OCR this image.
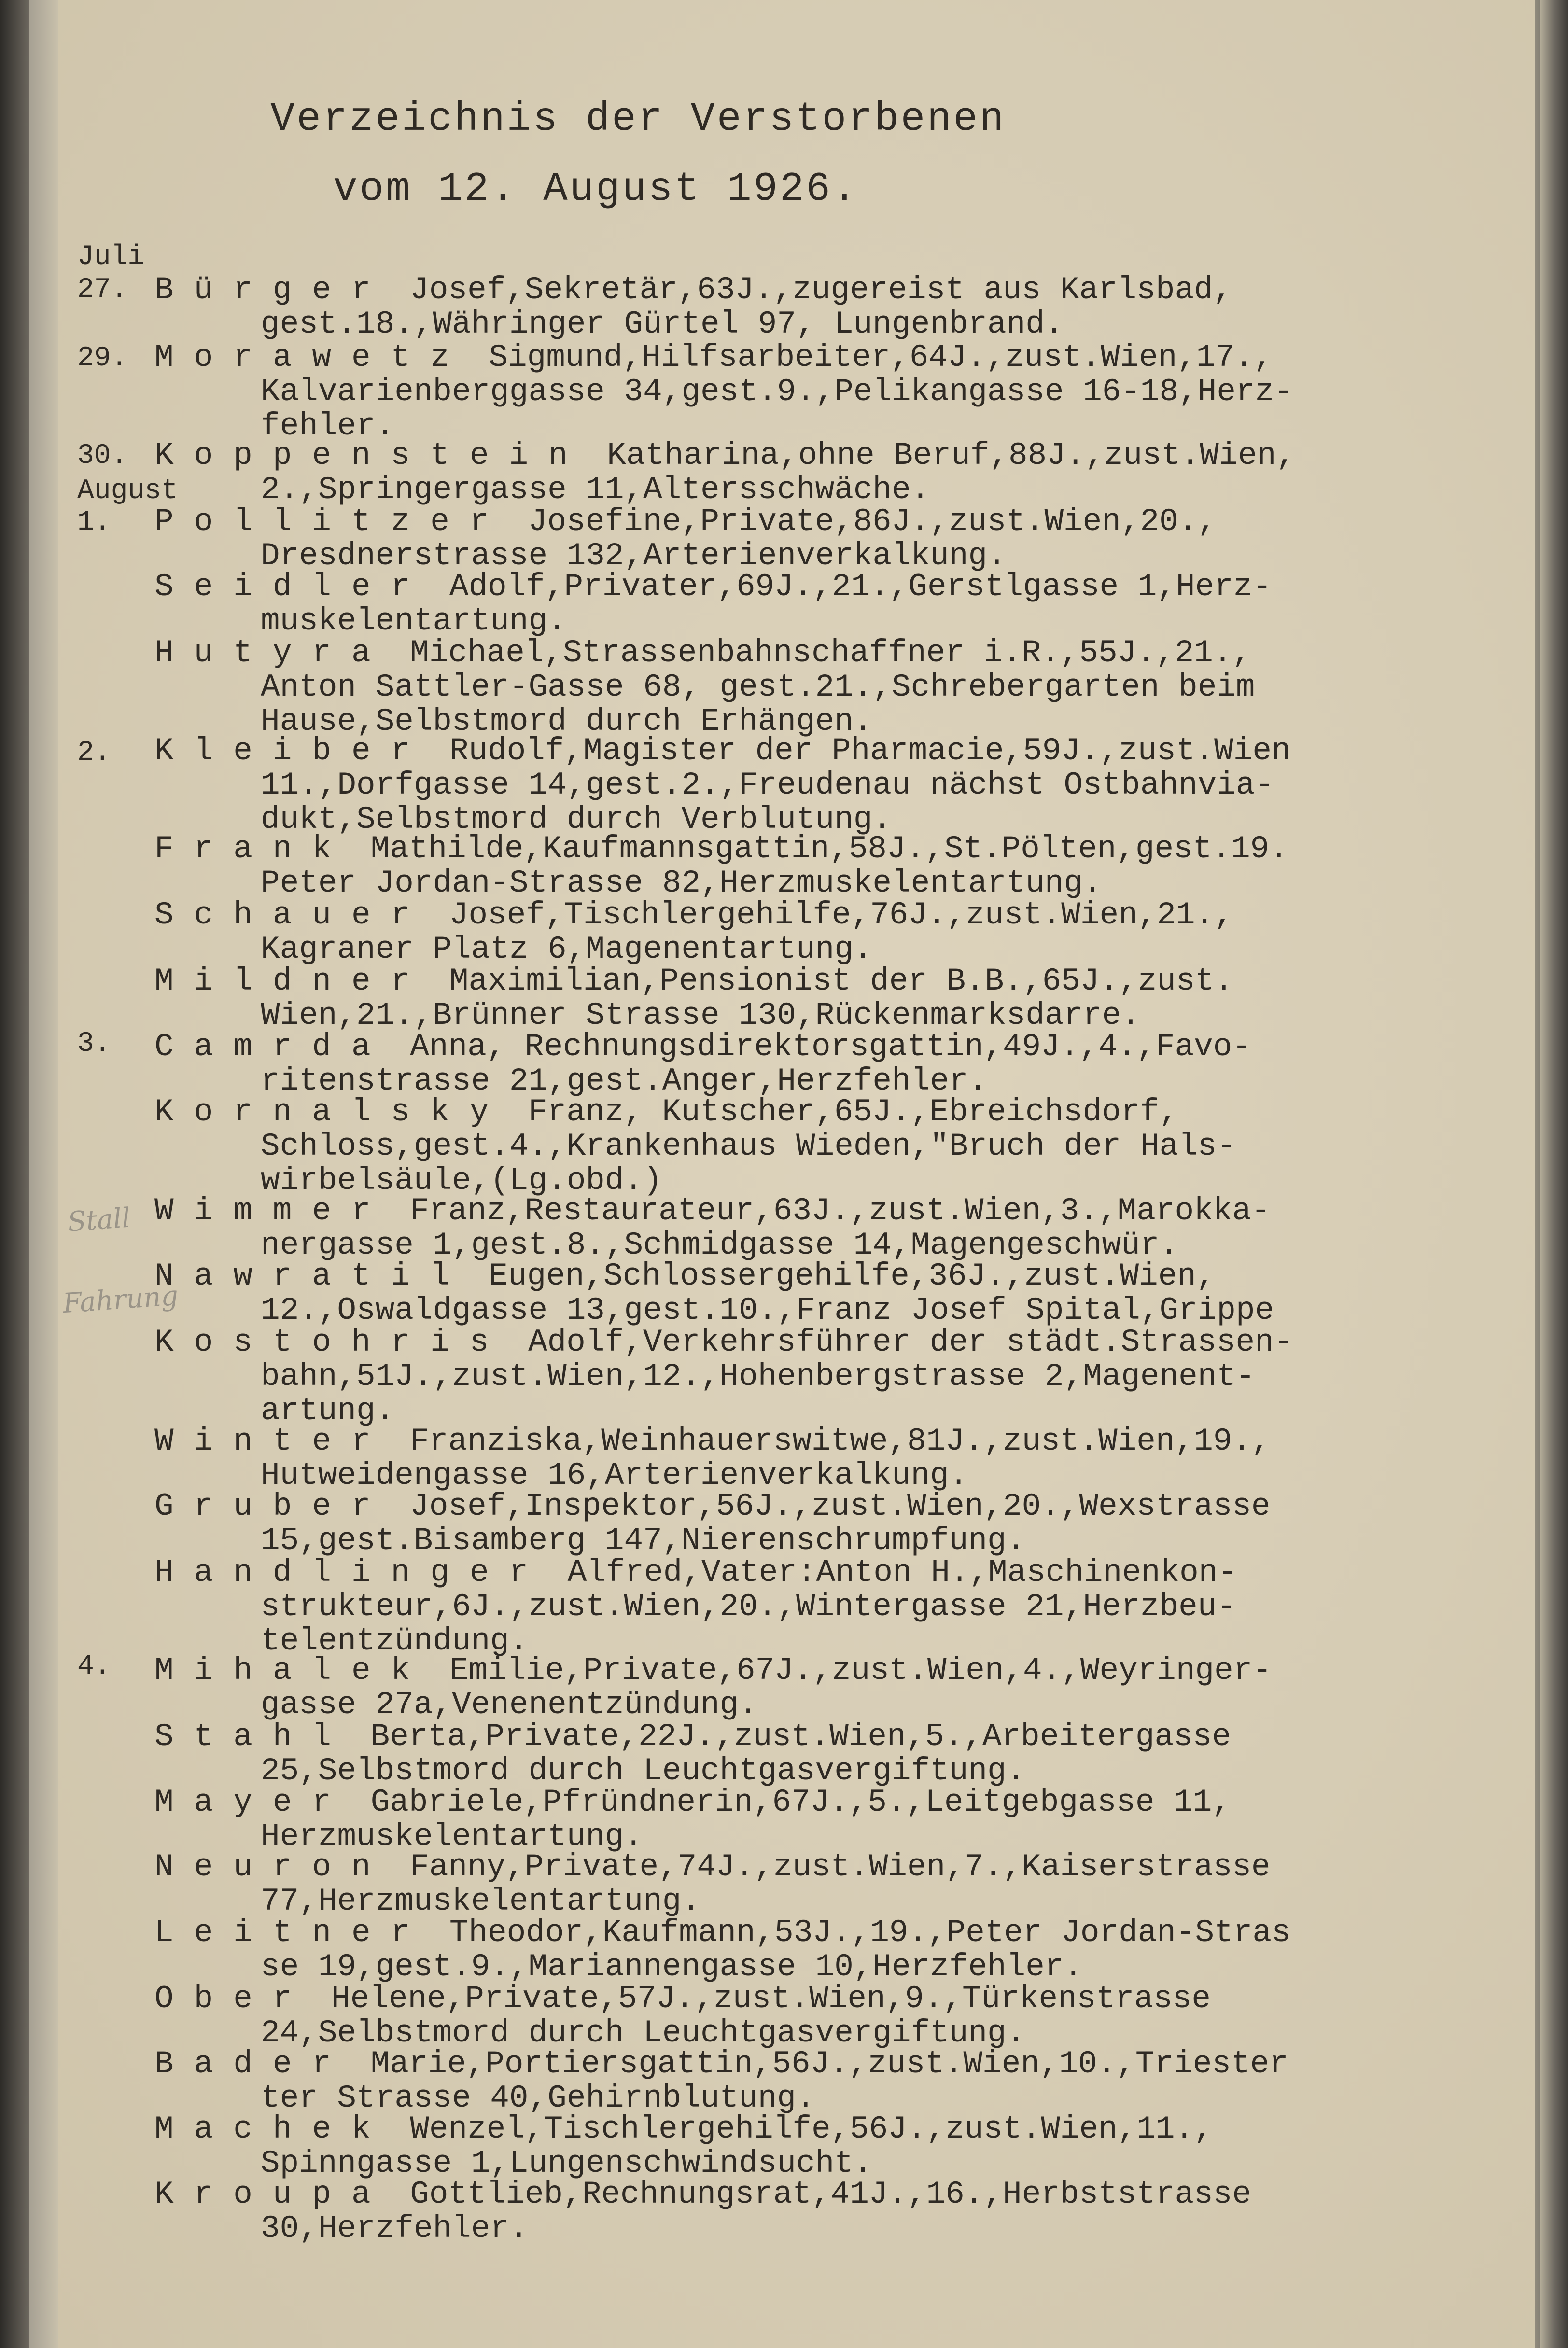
Verzeichnis der Verstorbenen
vom 12. August 1926.
Juli
27.
29.
30.
August
1.
2.
3.
4.
Bürger Josef,Sekretär,63J.,zugereist aus Karlsbad,
gest.18.,Währinger Gürtel 97, Lungenbrand.
Morawetz Sigmund,Hilfsarbeiter,64J.,zust.Wien,17.,
Kalvarienberggasse 34,gest.9.,Pelikangasse 16-18,Herz-
fehler.
Koppenstein Katharina,ohne Beruf,88J.,zust.Wien,
2.,Springergasse 11,Altersschwäche.
Pollitzer Josefine,Private,86J.,zust.Wien,20.,
Dresdnerstrasse 132,Arterienverkalkung.
Seidler Adolf,Privater,69J.,21.,Gerstlgasse 1,Herz-
muskelentartung.
Hutyra Michael,Strassenbahnschaffner i.R.,55J.,21.,
Anton Sattler-Gasse 68, gest.21.,Schrebergarten beim
Hause,Selbstmord durch Erhängen.
Kleiber Rudolf,Magister der Pharmacie,59J.,zust.Wien
11.,Dorfgasse 14,gest.2.,Freudenau nächst Ostbahnvia-
dukt,Selbstmord durch Verblutung.
Frank Mathilde,Kaufmannsgattin,58J.,St.Pölten,gest.19.
Peter Jordan-Strasse 82,Herzmuskelentartung.
Schauer Josef,Tischlergehilfe,76J.,zust.Wien,21.,
Kagraner Platz 6,Magenentartung.
Mildner Maximilian,Pensionist der B.B.,65J.,zust.
Wien,21.,Brünner Strasse 130,Rückenmarksdarre.
Camrda Anna, Rechnungsdirektorsgattin,49J.,4.,Favo-
ritenstrasse 21,gest.Anger,Herzfehler.
Kornalsky Franz, Kutscher,65J.,Ebreichsdorf,
Schloss,gest.4.,Krankenhaus Wieden,"Bruch der Hals-
wirbelsäule,(Lg.obd.)
Wimmer Franz,Restaurateur,63J.,zust.Wien,3.,Marokka-
nergasse 1,gest.8.,Schmidgasse 14,Magengeschwür.
Nawratil Eugen,Schlossergehilfe,36J.,zust.Wien,
12.,Oswaldgasse 13,gest.10.,Franz Josef Spital,Grippe
Kostohris Adolf,Verkehrsführer der städt.Strassen-
bahn,51J.,zust.Wien,12.,Hohenbergstrasse 2,Magenent-
artung.
Winter Franziska,Weinhauerswitwe,81J.,zust.Wien,19.,
Hutweidengasse 16,Arterienverkalkung.
Gruber Josef,Inspektor,56J.,zust.Wien,20.,Wexstrasse
15,gest.Bisamberg 147,Nierenschrumpfung.
Handlinger Alfred,Vater:Anton H.,Maschinenkon-
strukteur,6J.,zust.Wien,20.,Wintergasse 21,Herzbeu-
telentzündung.
Mihalek Emilie,Private,67J.,zust.Wien,4.,Weyringer-
gasse 27a,Venenentzündung.
Stahl Berta,Private,22J.,zust.Wien,5.,Arbeitergasse
25,Selbstmord durch Leuchtgasvergiftung.
Mayer Gabriele,Pfründnerin,67J.,5.,Leitgebgasse 11,
Herzmuskelentartung.
Neuron Fanny,Private,74J.,zust.Wien,7.,Kaiserstrasse
77,Herzmuskelentartung.
Leitner Theodor,Kaufmann,53J.,19.,Peter Jordan-Stras
se 19,gest.9.,Mariannengasse 10,Herzfehler.
Ober Helene,Private,57J.,zust.Wien,9.,Türkenstrasse
24,Selbstmord durch Leuchtgasvergiftung.
Bader Marie,Portiersgattin,56J.,zust.Wien,10.,Triester
ter Strasse 40,Gehirnblutung.
Machek Wenzel,Tischlergehilfe,56J.,zust.Wien,11.,
Spinngasse 1,Lungenschwindsucht.
Kroupa Gottlieb,Rechnungsrat,41J.,16.,Herbststrasse
30,Herzfehler.
Stall
Fahrung
